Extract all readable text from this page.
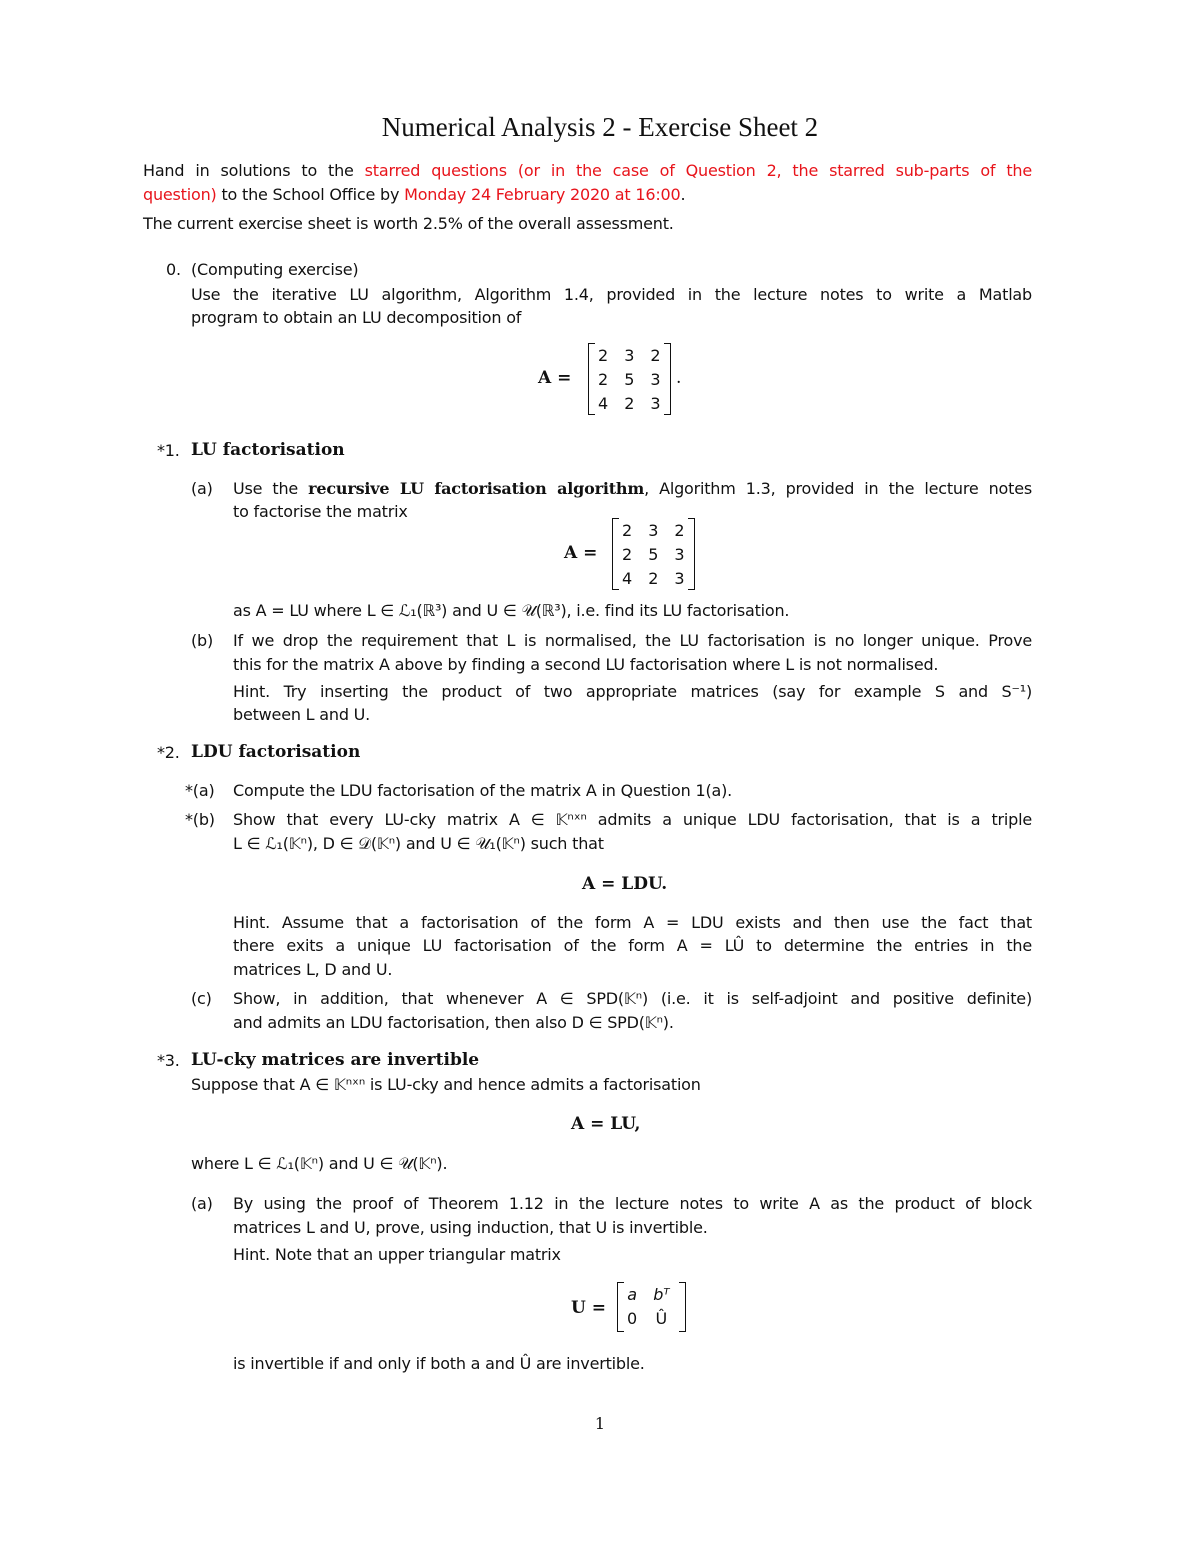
Numerical Analysis 2 - Exercise Sheet 2
Hand in solutions to the starred questions (or in the case of Question 2, the starred sub-parts of the
question) to the School Office by Monday 24 February 2020 at 16:00.
The current exercise sheet is worth 2.5% of the overall assessment.
0. (Computing exercise)
Use the iterative LU algorithm, Algorithm 1.4, provided in the lecture notes to write a Matlab
program to obtain an LU decomposition of
A =
2	3	2
2	5	3
4	2	3
.
*1. LU factorisation
(a) Use the recursive LU factorisation algorithm, Algorithm 1.3, provided in the lecture notes
to factorise the matrix
A =
2	3	2
2	5	3
4	2	3
as A = LU where L ∈ ℒ₁(ℝ³) and U ∈ 𝒰(ℝ³), i.e. find its LU factorisation.
(b) If we drop the requirement that L is normalised, the LU factorisation is no longer unique. Prove
this for the matrix A above by finding a second LU factorisation where L is not normalised.
Hint. Try inserting the product of two appropriate matrices (say for example S and S⁻¹)
between L and U.
*2. LDU factorisation
*(a) Compute the LDU factorisation of the matrix A in Question 1(a).
*(b) Show that every LU-cky matrix A ∈ 𝕂ⁿˣⁿ admits a unique LDU factorisation, that is a triple
L ∈ ℒ₁(𝕂ⁿ), D ∈ 𝒟(𝕂ⁿ) and U ∈ 𝒰₁(𝕂ⁿ) such that
A = LDU.
Hint. Assume that a factorisation of the form A = LDU exists and then use the fact that
there exits a unique LU factorisation of the form A = LÛ to determine the entries in the
matrices L, D and U.
(c) Show, in addition, that whenever A ∈ SPD(𝕂ⁿ) (i.e. it is self-adjoint and positive definite)
and admits an LDU factorisation, then also D ∈ SPD(𝕂ⁿ).
*3. LU-cky matrices are invertible
Suppose that A ∈ 𝕂ⁿˣⁿ is LU-cky and hence admits a factorisation
A = LU,
where L ∈ ℒ₁(𝕂ⁿ) and U ∈ 𝒰(𝕂ⁿ).
(a) By using the proof of Theorem 1.12 in the lecture notes to write A as the product of block
matrices L and U, prove, using induction, that U is invertible.
Hint. Note that an upper triangular matrix
U =
a	bᵀ
0	Û
is invertible if and only if both a and Û are invertible.
1
